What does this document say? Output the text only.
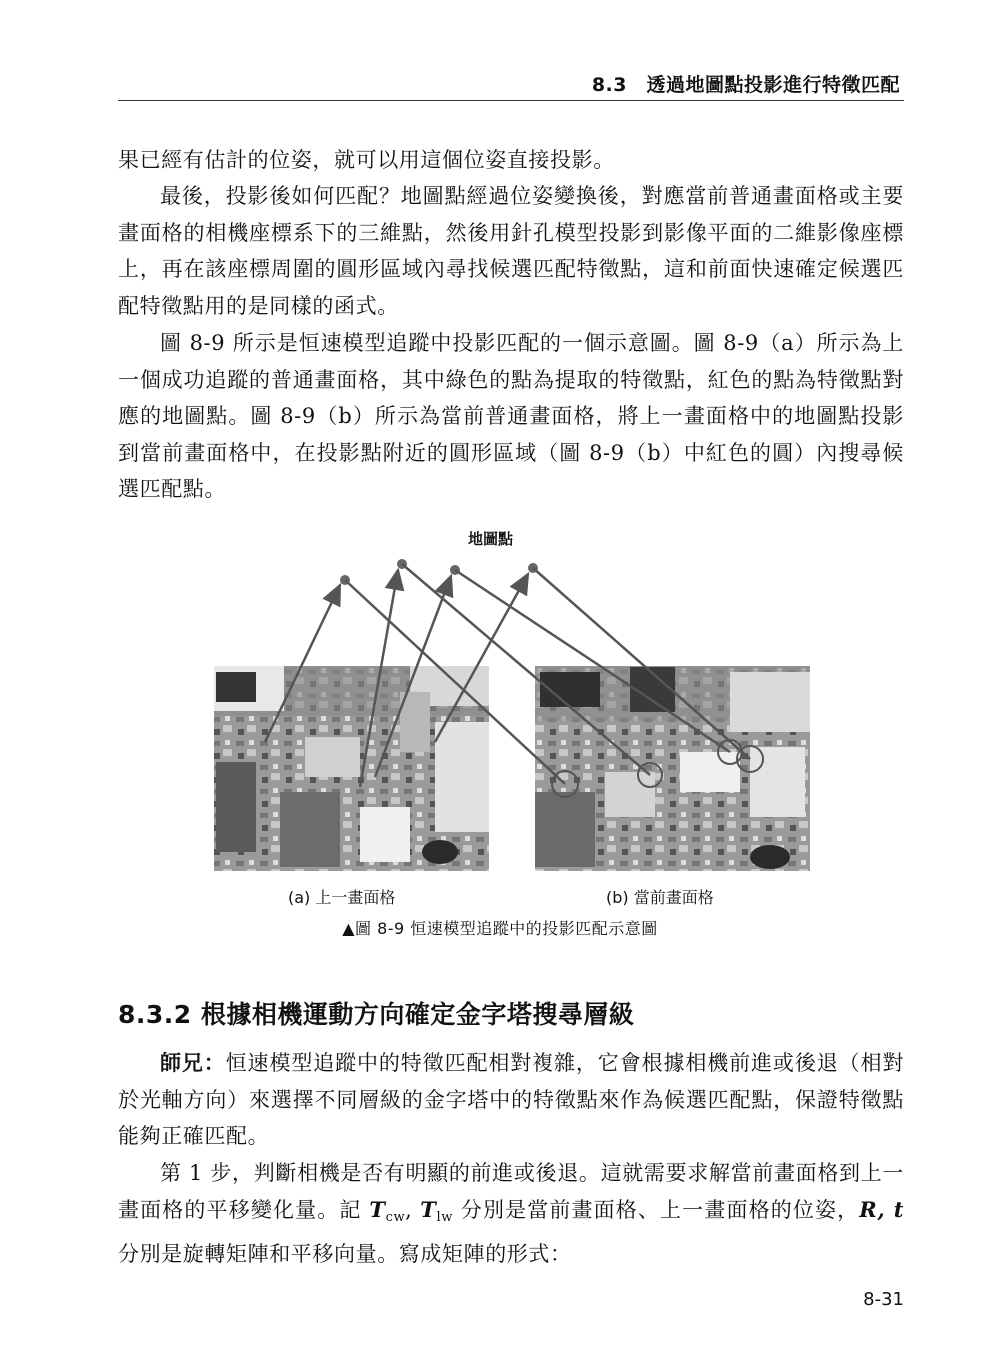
8.3　透過地圖點投影進行特徵匹配

果已經有估計的位姿，就可以用這個位姿直接投影。

最後，投影後如何匹配？地圖點經過位姿變換後，對應當前普通畫面格或主要畫面格的相機座標系下的三維點，然後用針孔模型投影到影像平面的二維影像座標上，再在該座標周圍的圓形區域內尋找候選匹配特徵點，這和前面快速確定候選匹配特徵點用的是同樣的函式。

圖 8-9 所示是恒速模型追蹤中投影匹配的一個示意圖。圖 8-9（a）所示為上一個成功追蹤的普通畫面格，其中綠色的點為提取的特徵點，紅色的點為特徵點對應的地圖點。圖 8-9（b）所示為當前普通畫面格，將上一畫面格中的地圖點投影到當前畫面格中，在投影點附近的圓形區域（圖 8-9（b）中紅色的圓）內搜尋候選匹配點。

地圖點
(a) 上一畫面格	(b) 當前畫面格
▲圖 8-9 恒速模型追蹤中的投影匹配示意圖
8.3.2 根據相機運動方向確定金字塔搜尋層級

師兄：恒速模型追蹤中的特徵匹配相對複雜，它會根據相機前進或後退（相對於光軸方向）來選擇不同層級的金字塔中的特徵點來作為候選匹配點，保證特徵點能夠正確匹配。

第 1 步，判斷相機是否有明顯的前進或後退。這就需要求解當前畫面格到上一畫面格的平移變化量。記 $T_{cw}$, $T_{lw}$ 分別是當前畫面格、上一畫面格的位姿，R, t 分別是旋轉矩陣和平移向量。寫成矩陣的形式：

8-31
